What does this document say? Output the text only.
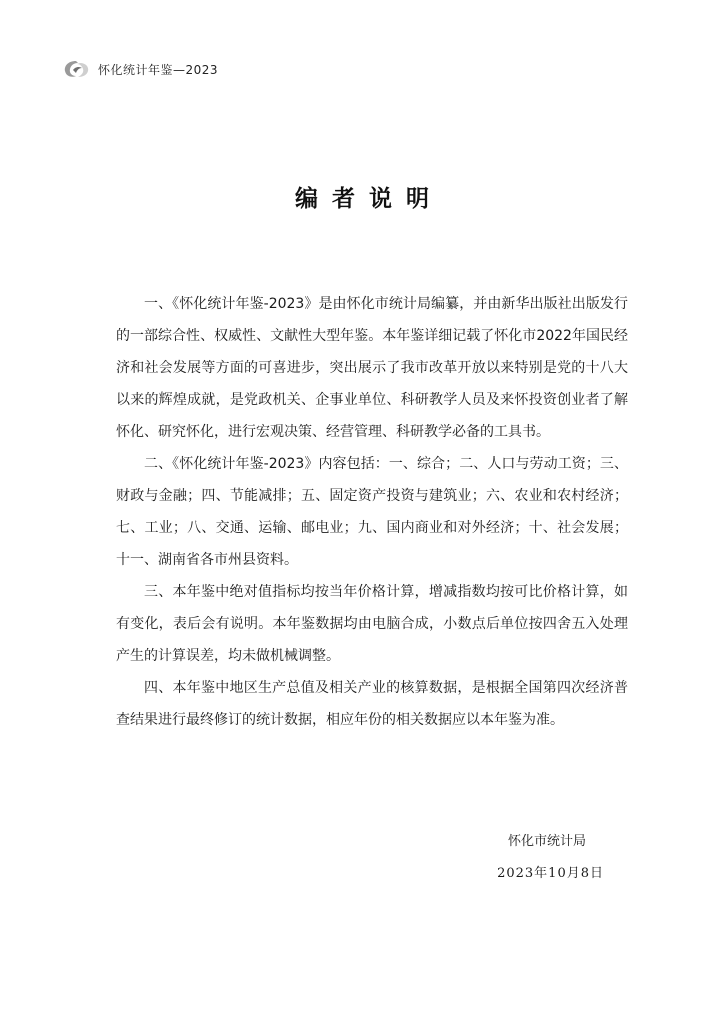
怀化统计年鉴—2023
编者说明

一、《怀化统计年鉴-2023》是由怀化市统计局编纂，并由新华出版社出版发行的一部综合性、权威性、文献性大型年鉴。本年鉴详细记载了怀化市2022年国民经济和社会发展等方面的可喜进步，突出展示了我市改革开放以来特别是党的十八大以来的辉煌成就，是党政机关、企事业单位、科研教学人员及来怀投资创业者了解怀化、研究怀化，进行宏观决策、经营管理、科研教学必备的工具书。

二、《怀化统计年鉴-2023》内容包括：一、综合；二、人口与劳动工资；三、财政与金融；四、节能减排；五、固定资产投资与建筑业；六、农业和农村经济；七、工业；八、交通、运输、邮电业；九、国内商业和对外经济；十、社会发展；十一、湖南省各市州县资料。

三、本年鉴中绝对值指标均按当年价格计算，增减指数均按可比价格计算，如有变化，表后会有说明。本年鉴数据均由电脑合成，小数点后单位按四舍五入处理产生的计算误差，均未做机械调整。

四、本年鉴中地区生产总值及相关产业的核算数据，是根据全国第四次经济普查结果进行最终修订的统计数据，相应年份的相关数据应以本年鉴为准。

怀化市统计局
2023年10月8日
